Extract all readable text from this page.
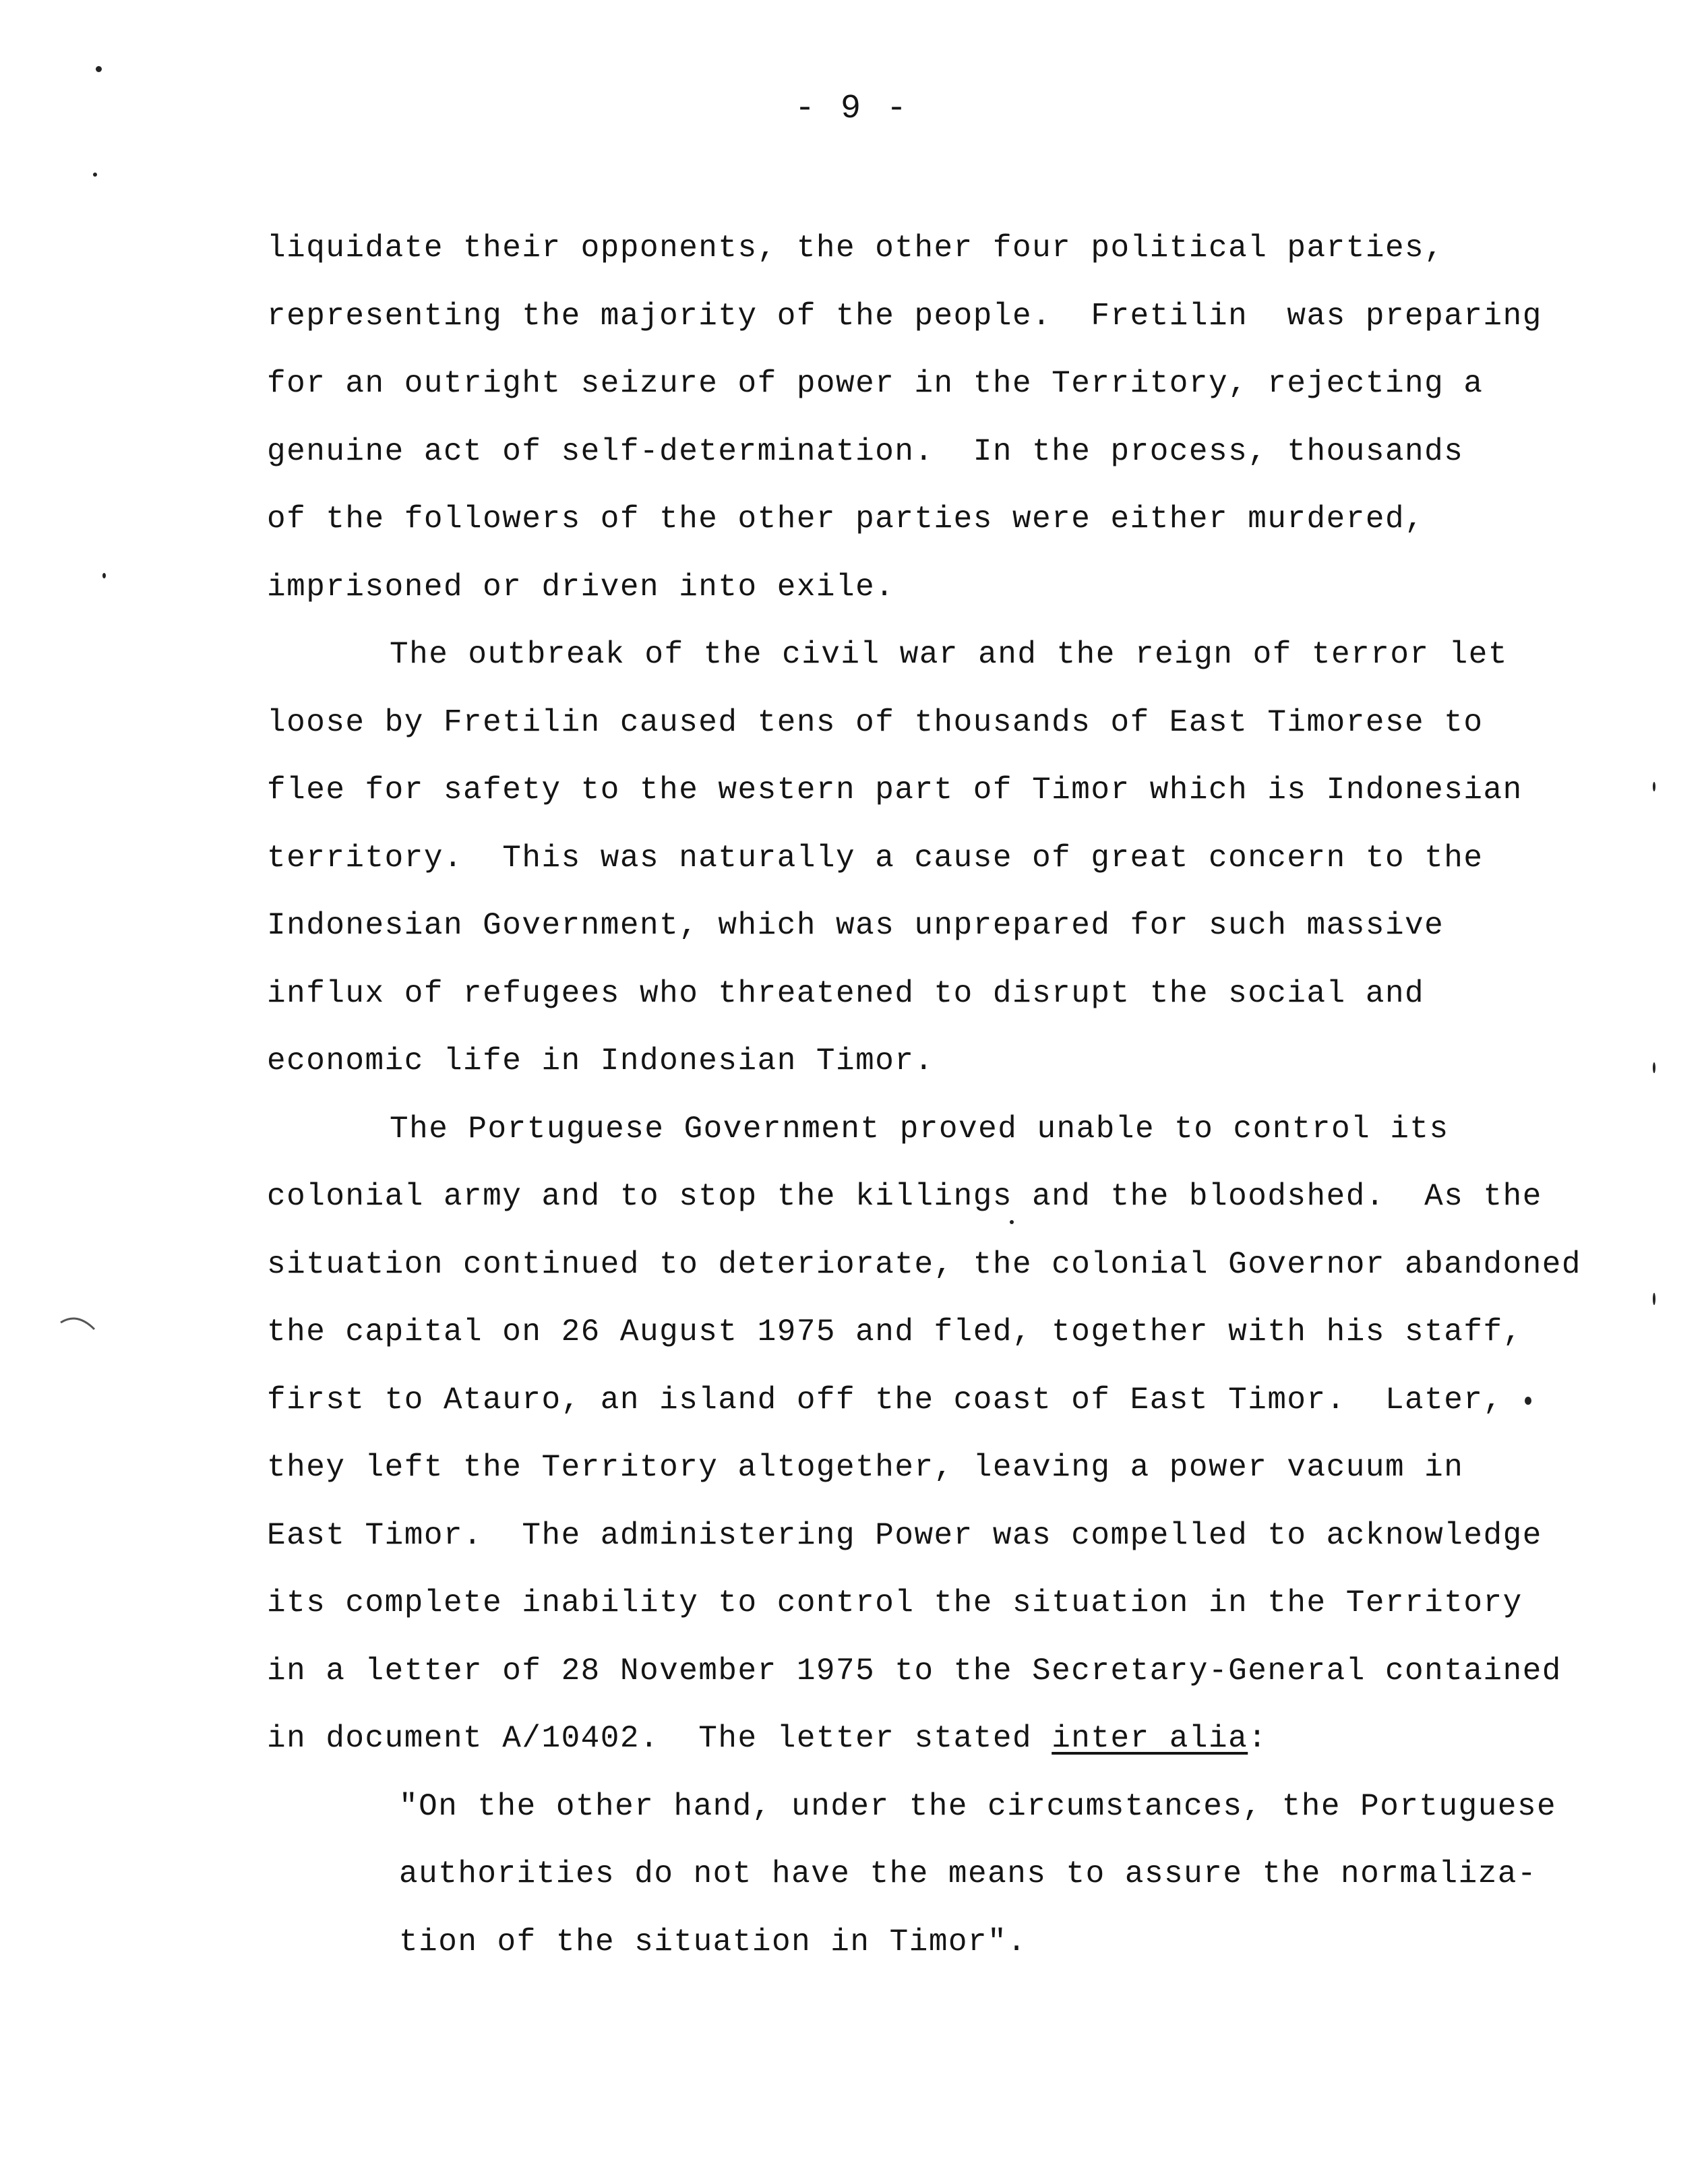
- 9 -
liquidate their opponents, the other four political parties,
representing the majority of the people.  Fretilin  was preparing
for an outright seizure of power in the Territory, rejecting a
genuine act of self-determination.  In the process, thousands
of the followers of the other parties were either murdered,
imprisoned or driven into exile.
The outbreak of the civil war and the reign of terror let
loose by Fretilin caused tens of thousands of East Timorese to
flee for safety to the western part of Timor which is Indonesian
territory.  This was naturally a cause of great concern to the
Indonesian Government, which was unprepared for such massive
influx of refugees who threatened to disrupt the social and
economic life in Indonesian Timor.
The Portuguese Government proved unable to control its
colonial army and to stop the killings and the bloodshed.  As the
situation continued to deteriorate, the colonial Governor abandoned
the capital on 26 August 1975 and fled, together with his staff,
first to Atauro, an island off the coast of East Timor.  Later,
they left the Territory altogether, leaving a power vacuum in
East Timor.  The administering Power was compelled to acknowledge
its complete inability to control the situation in the Territory
in a letter of 28 November 1975 to the Secretary-General contained
in document A/10402.  The letter stated inter alia:
"On the other hand, under the circumstances, the Portuguese
authorities do not have the means to assure the normaliza-
tion of the situation in Timor".
